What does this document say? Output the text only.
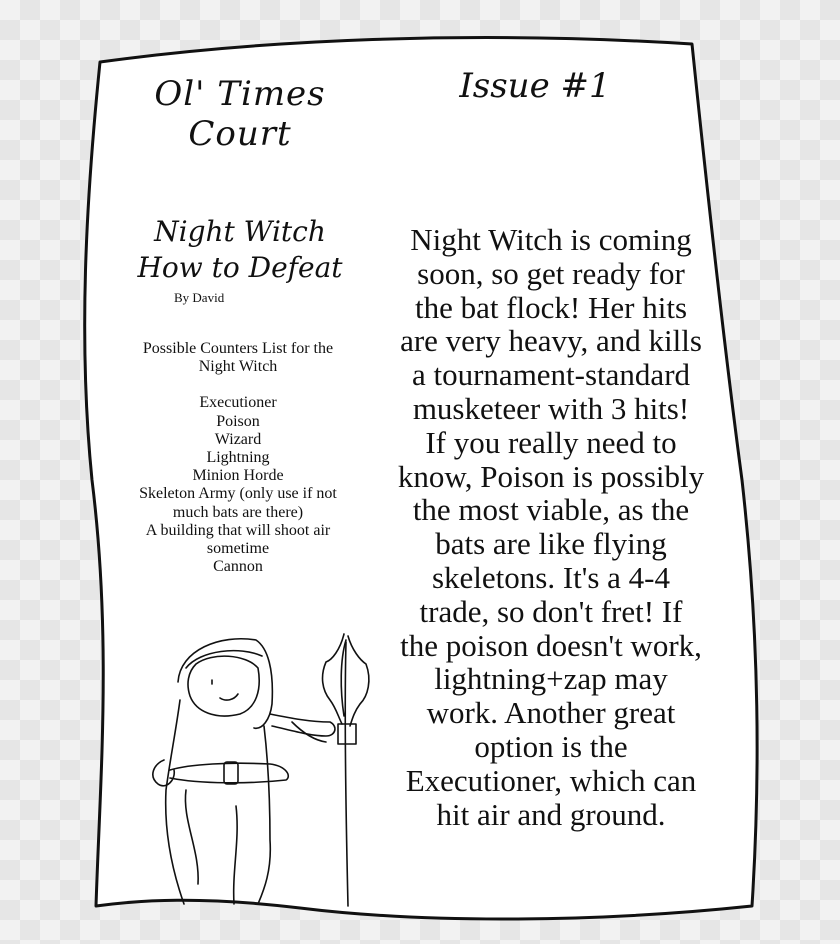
Ol' Times
Court
Issue #1
Night Witch
How to Defeat
By David
Possible Counters List for the
Night Witch
Executioner
Poison
Wizard
Lightning
Minion Horde
Skeleton Army (only use if not
much bats are there)
A building that will shoot air
sometime
Cannon
Night Witch is coming
soon, so get ready for
the bat flock! Her hits
are very heavy, and kills
a tournament-standard
musketeer with 3 hits!
If you really need to
know, Poison is possibly
the most viable, as the
bats are like flying
skeletons. It's a 4-4
trade, so don't fret! If
the poison doesn't work,
lightning+zap may
work. Another great
option is the
Executioner, which can
hit air and ground.
